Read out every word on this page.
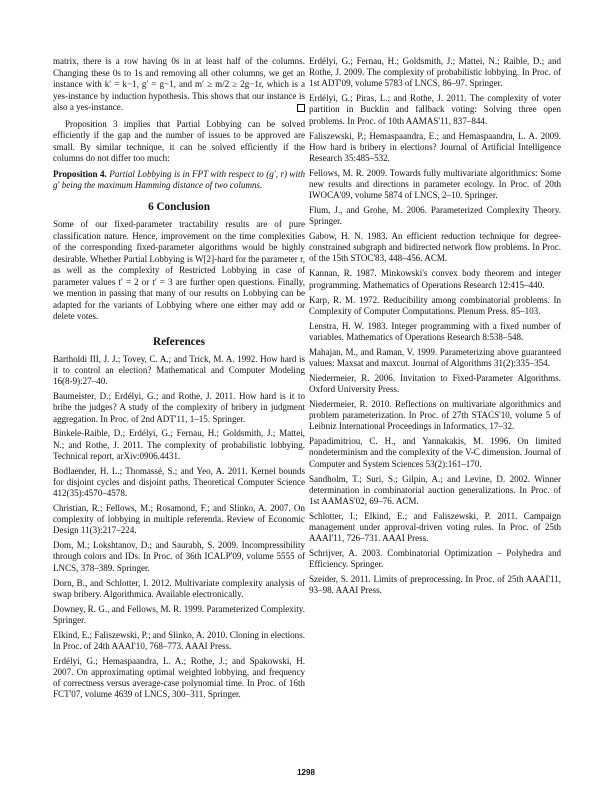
matrix, there is a row having 0s in at least half of the columns. Changing these 0s to 1s and removing all other columns, we get an instance with k′ = k−1, g′ = g−1, and m′ ≥ m/2 ≥ 2g−1r, which is a yes-instance by induction hypothesis. This shows that our instance is also a yes-instance.

Proposition 3 implies that Partial Lobbying can be solved efficiently if the gap and the number of issues to be approved are small. By similar technique, it can be solved efficiently if the columns do not differ too much:

Proposition 4. Partial Lobbying is in FPT with respect to (g′, r) with g′ being the maximum Hamming distance of two columns.

6 Conclusion

Some of our fixed-parameter tractability results are of pure classification nature. Hence, improvement on the time complexities of the corresponding fixed-parameter algorithms would be highly desirable. Whether Partial Lobbying is W[2]-hard for the parameter r, as well as the complexity of Restricted Lobbying in case of parameter values t′ = 2 or t′ = 3 are further open questions. Finally, we mention in passing that many of our results on Lobbying can be adapted for the variants of Lobbying where one either may add or delete votes.

References

Bartholdi III, J. J.; Tovey, C. A.; and Trick, M. A. 1992. How hard is it to control an election? Mathematical and Computer Modeling 16(8-9):27–40.

Baumeister, D.; Erdélyi, G.; and Rothe, J. 2011. How hard is it to bribe the judges? A study of the complexity of bribery in judgment aggregation. In Proc. of 2nd ADT'11, 1–15. Springer.

Binkele-Raible, D.; Erdélyi, G.; Fernau, H.; Goldsmith, J.; Mattei, N.; and Rothe, J. 2011. The complexity of probabilistic lobbying. Technical report, arXiv:0906.4431.

Bodlaender, H. L.; Thomassé, S.; and Yeo, A. 2011. Kernel bounds for disjoint cycles and disjoint paths. Theoretical Computer Science 412(35):4570–4578.

Christian, R.; Fellows, M.; Rosamond, F.; and Slinko, A. 2007. On complexity of lobbying in multiple referenda. Review of Economic Design 11(3):217–224.

Dom, M.; Lokshtanov, D.; and Saurabh, S. 2009. Incompressibility through colors and IDs. In Proc. of 36th ICALP'09, volume 5555 of LNCS, 378–389. Springer.

Dorn, B., and Schlotter, I. 2012. Multivariate complexity analysis of swap bribery. Algorithmica. Available electronically.

Downey, R. G., and Fellows, M. R. 1999. Parameterized Complexity. Springer.

Elkind, E.; Faliszewski, P.; and Slinko, A. 2010. Cloning in elections. In Proc. of 24th AAAI'10, 768–773. AAAI Press.

Erdélyi, G.; Hemaspaandra, L. A.; Rothe, J.; and Spakowski, H. 2007. On approximating optimal weighted lobbying, and frequency of correctness versus average-case polynomial time. In Proc. of 16th FCT'07, volume 4639 of LNCS, 300–311. Springer.

Erdélyi, G.; Fernau, H.; Goldsmith, J.; Mattei, N.; Raible, D.; and Rothe, J. 2009. The complexity of probabilistic lobbying. In Proc. of 1st ADT'09, volume 5783 of LNCS, 86–97. Springer.

Erdélyi, G.; Piras, L.; and Rothe, J. 2011. The complexity of voter partition in Bucklin and fallback voting: Solving three open problems. In Proc. of 10th AAMAS'11, 837–844.

Faliszewski, P.; Hemaspaandra, E.; and Hemaspaandra, L. A. 2009. How hard is bribery in elections? Journal of Artificial Intelligence Research 35:485–532.

Fellows, M. R. 2009. Towards fully multivariate algorithmics: Some new results and directions in parameter ecology. In Proc. of 20th IWOCA'09, volume 5874 of LNCS, 2–10. Springer.

Flum, J., and Grohe, M. 2006. Parameterized Complexity Theory. Springer.

Gabow, H. N. 1983. An efficient reduction technique for degree-constrained subgraph and bidirected network flow problems. In Proc. of the 15th STOC'83, 448–456. ACM.

Kannan, R. 1987. Minkowski's convex body theorem and integer programming. Mathematics of Operations Research 12:415–440.

Karp, R. M. 1972. Reducibility among combinatorial problems. In Complexity of Computer Computations. Plenum Press. 85–103.

Lenstra, H. W. 1983. Integer programming with a fixed number of variables. Mathematics of Operations Research 8:538–548.

Mahajan, M., and Raman, V. 1999. Parameterizing above guaranteed values: Maxsat and maxcut. Journal of Algorithms 31(2):335–354.

Niedermeier, R. 2006. Invitation to Fixed-Parameter Algorithms. Oxford University Press.

Niedermeier, R. 2010. Reflections on multivariate algorithmics and problem parameterization. In Proc. of 27th STACS'10, volume 5 of Leibniz International Proceedings in Informatics, 17–32.

Papadimitriou, C. H., and Yannakakis, M. 1996. On limited nondeterminism and the complexity of the V-C dimension. Journal of Computer and System Sciences 53(2):161–170.

Sandholm, T.; Suri, S.; Gilpin, A.; and Levine, D. 2002. Winner determination in combinatorial auction generalizations. In Proc. of 1st AAMAS'02, 69–76. ACM.

Schlotter, I.; Elkind, E.; and Faliszewski, P. 2011. Campaign management under approval-driven voting rules. In Proc. of 25th AAAI'11, 726–731. AAAI Press.

Schrijver, A. 2003. Combinatorial Optimization – Polyhedra and Efficiency. Springer.

Szeider, S. 2011. Limits of preprocessing. In Proc. of 25th AAAI'11, 93–98. AAAI Press.

1298
